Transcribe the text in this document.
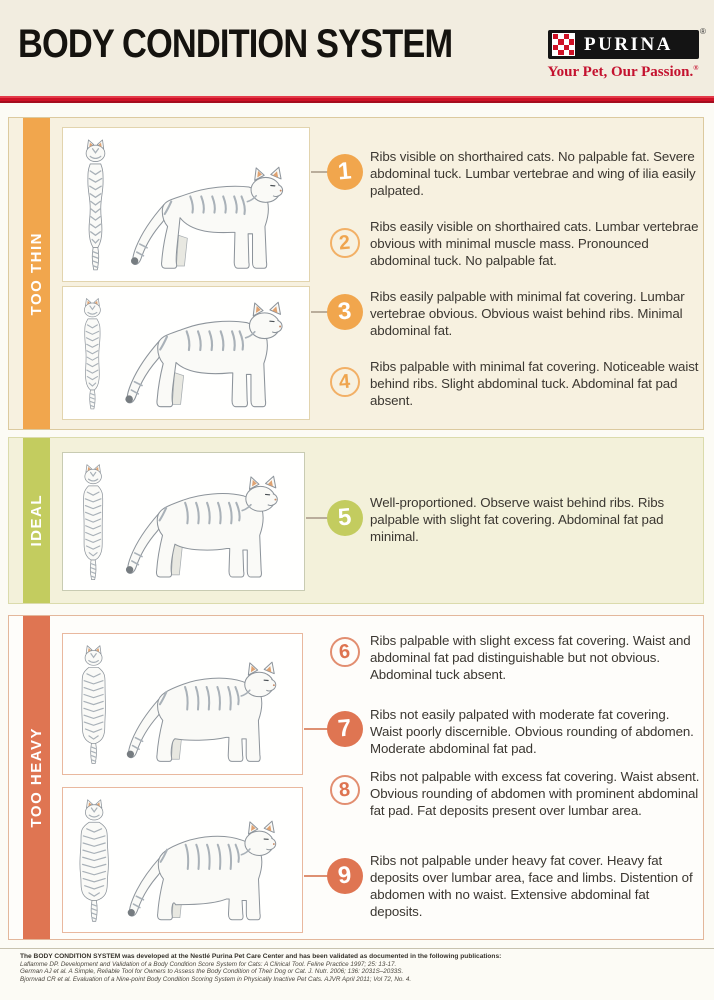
BODY CONDITION SYSTEM	PURINA
®
Your Pet, Our Passion.®
TOO THIN
IDEAL
TOO HEAVY
1

Ribs visible on shorthaired cats. No palpable fat. Severe abdominal tuck. Lumbar vertebrae and wing of ilia easily palpated.

2

Ribs easily visible on shorthaired cats. Lumbar vertebrae obvious with minimal muscle mass. Pronounced abdominal tuck. No palpable fat.

3

Ribs easily palpable with minimal fat covering. Lumbar vertebrae obvious. Obvious waist behind ribs. Minimal abdominal fat.

4

Ribs palpable with minimal fat covering. Noticeable waist behind ribs. Slight abdominal tuck. Abdominal fat pad absent.

5

Well-proportioned. Observe waist behind ribs. Ribs palpable with slight fat covering. Abdominal fat pad minimal.

6

Ribs palpable with slight excess fat covering. Waist and abdominal fat pad distinguishable but not obvious. Abdominal tuck absent.

7	Ribs not easily palpated with moderate fat covering. Waist poorly discernible. Obvious rounding of abdomen. Moderate abdominal fat pad.

8

Ribs not palpable with excess fat covering. Waist absent. Obvious rounding of abdomen with prominent abdominal fat pad. Fat deposits present over lumbar area.

9

Ribs not palpable under heavy fat cover. Heavy fat deposits over lumbar area, face and limbs. Distention of abdomen with no waist. Extensive abdominal fat deposits.

The BODY CONDITION SYSTEM was developed at the Nestlé Purina Pet Care Center and has been validated as documented in the following publications:

Laflamme DP. Development and Validation of a Body Condition Score System for Cats: A Clinical Tool. Feline Practice 1997; 25: 13-17.

German AJ et al. A Simple, Reliable Tool for Owners to Assess the Body Condition of Their Dog or Cat. J. Nutr. 2006; 136: 2031S–2033S.

Bjornvad CR et al. Evaluation of a Nine-point Body Condition Scoring System in Physically Inactive Pet Cats. AJVR April 2011; Vol 72, No. 4.
